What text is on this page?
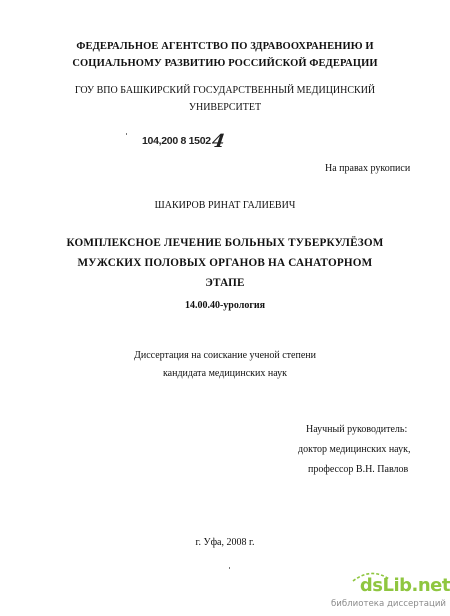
ФЕДЕРАЛЬНОЕ АГЕНТСТВО ПО ЗДРАВООХРАНЕНИЮ И
СОЦИАЛЬНОМУ РАЗВИТИЮ РОССИЙСКОЙ ФЕДЕРАЦИИ
ГОУ ВПО БАШКИРСКИЙ ГОСУДАРСТВЕННЫЙ МЕДИЦИНСКИЙ
УНИВЕРСИТЕТ
104,200 8 15024
На правах рукописи
ШАКИРОВ РИНАТ ГАЛИЕВИЧ
КОМПЛЕКСНОЕ ЛЕЧЕНИЕ БОЛЬНЫХ ТУБЕРКУЛЁЗОМ
МУЖСКИХ ПОЛОВЫХ ОРГАНОВ НА САНАТОРНОМ
ЭТАПЕ
14.00.40-урология
Диссертация на соискание ученой степени
кандидата медицинских наук
Научный руководитель:
доктор медицинских наук,
профессор В.Н. Павлов
г. Уфа, 2008 г.
dsLib.net
библиотека диссертаций
